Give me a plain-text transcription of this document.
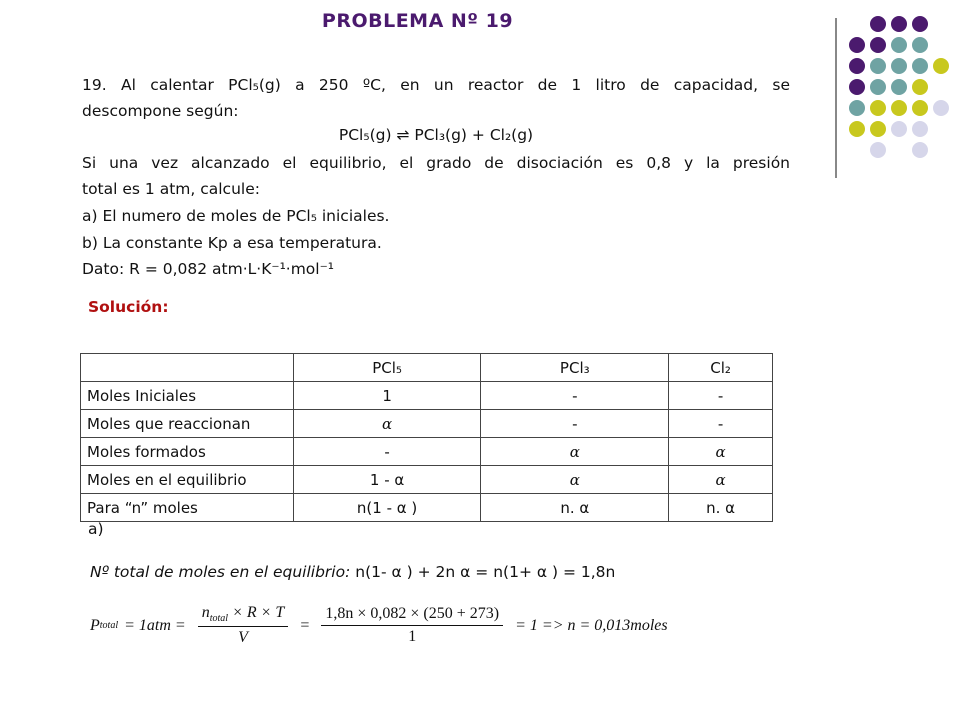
PROBLEMA Nº 19
19. Al calentar PCl₅(g) a 250 ºC, en un reactor de 1 litro de capacidad, se
descompone según:
PCl₅(g) ⇌ PCl₃(g) + Cl₂(g)
Si una vez alcanzado el equilibrio, el grado de disociación es 0,8 y la presión
total es 1 atm, calcule:
a) El numero de moles de PCl₅ iniciales.
b) La constante Kp a esa temperatura.
Dato: R = 0,082 atm·L·K⁻¹·mol⁻¹
Solución:
	PCl₅	PCl₃	Cl₂
Moles Iniciales	1	-	-
Moles que reaccionan	α	-	-
Moles formados	-	α	α
Moles en el equilibrio	1 - α	α	α
Para “n” moles	n(1 - α )	n. α	n. α
a)
Nº total de moles en el equilibrio: n(1- α ) + 2n α = n(1+ α ) = 1,8n
P total = $1atm = \frac{n_{total} \times R \times T}{V} = \frac{1,8n \times 0,082 \times (250 + 273)}{1} = 1 => n$ = 0,013moles
